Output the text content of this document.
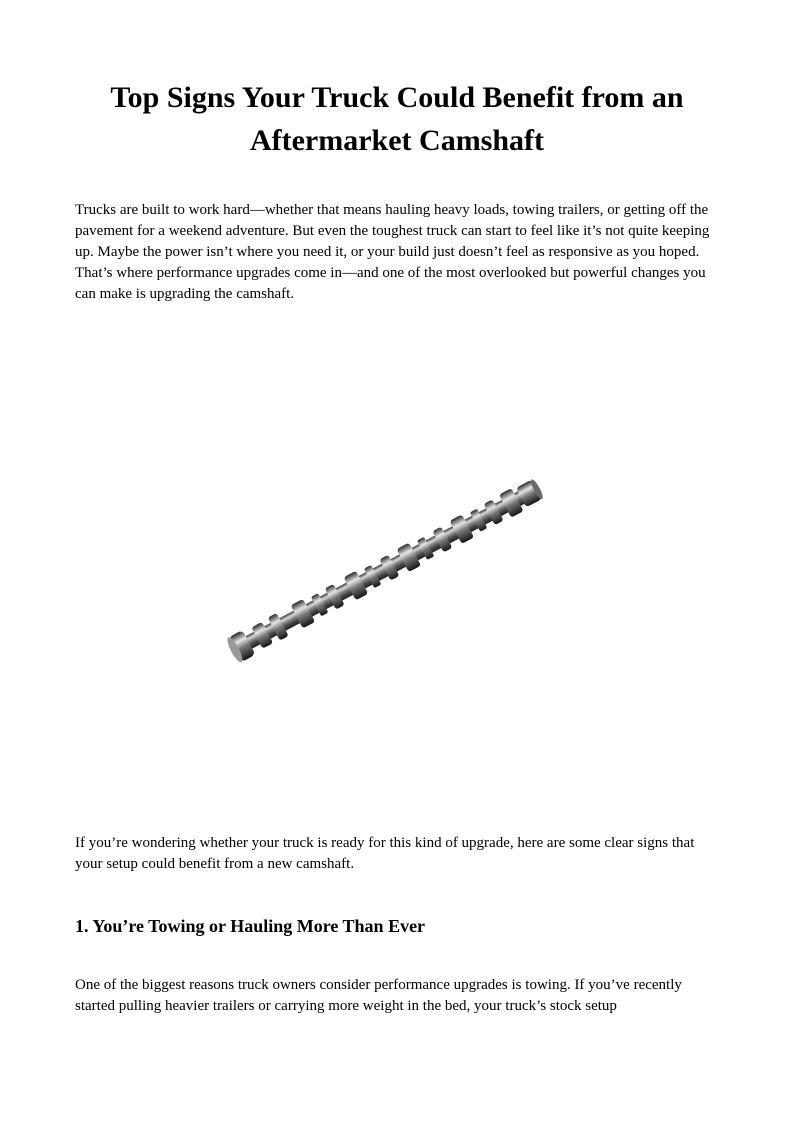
Top Signs Your Truck Could Benefit from an Aftermarket Camshaft

Trucks are built to work hard—whether that means hauling heavy loads, towing trailers, or getting off the pavement for a weekend adventure. But even the toughest truck can start to feel like it’s not quite keeping up. Maybe the power isn’t where you need it, or your build just doesn’t feel as responsive as you hoped. That’s where performance upgrades come in—and one of the most overlooked but powerful changes you can make is upgrading the camshaft.

If you’re wondering whether your truck is ready for this kind of upgrade, here are some clear signs that your setup could benefit from a new camshaft.

1. You’re Towing or Hauling More Than Ever

One of the biggest reasons truck owners consider performance upgrades is towing. If you’ve recently started pulling heavier trailers or carrying more weight in the bed, your truck’s stock setup
